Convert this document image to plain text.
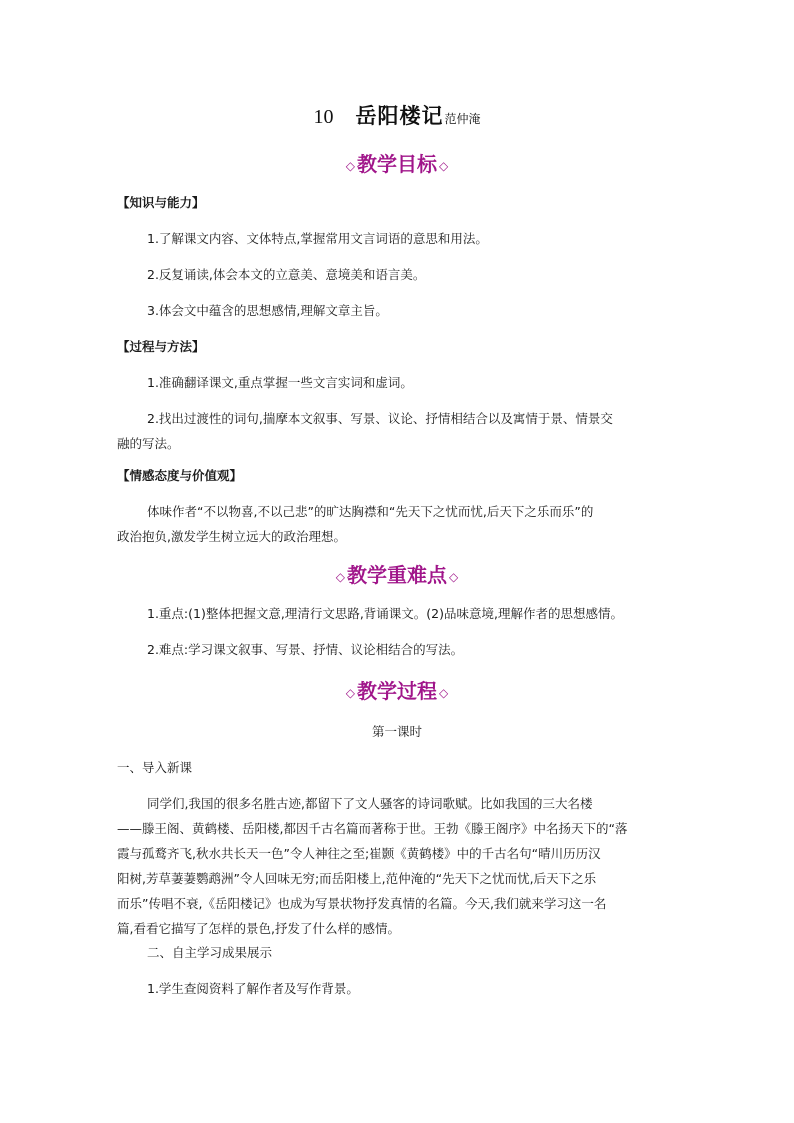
10 岳阳楼记范仲淹
◇ 教学目标 ◇
【知识与能力】
1.了解课文内容、文体特点,掌握常用文言词语的意思和用法。
2.反复诵读,体会本文的立意美、意境美和语言美。
3.体会文中蕴含的思想感情,理解文章主旨。
【过程与方法】
1.准确翻译课文,重点掌握一些文言实词和虚词。
2.找出过渡性的词句,揣摩本文叙事、写景、议论、抒情相结合以及寓情于景、情景交
融的写法。
【情感态度与价值观】
体味作者“不以物喜,不以己悲”的旷达胸襟和“先天下之忧而忧,后天下之乐而乐”的
政治抱负,激发学生树立远大的政治理想。
◇ 教学重难点 ◇
1.重点:(1)整体把握文意,理清行文思路,背诵课文。(2)品味意境,理解作者的思想感情。
2.难点:学习课文叙事、写景、抒情、议论相结合的写法。
◇ 教学过程 ◇
第一课时
一、导入新课
同学们,我国的很多名胜古迹,都留下了文人骚客的诗词歌赋。比如我国的三大名楼
——滕王阁、黄鹤楼、岳阳楼,都因千古名篇而著称于世。王勃《滕王阁序》中名扬天下的“落
霞与孤鹜齐飞,秋水共长天一色”令人神往之至;崔颢《黄鹤楼》中的千古名句“晴川历历汉
阳树,芳草萋萋鹦鹉洲”令人回味无穷;而岳阳楼上,范仲淹的“先天下之忧而忧,后天下之乐
而乐”传唱不衰,《岳阳楼记》也成为写景状物抒发真情的名篇。今天,我们就来学习这一名
篇,看看它描写了怎样的景色,抒发了什么样的感情。
二、自主学习成果展示
1.学生查阅资料了解作者及写作背景。
